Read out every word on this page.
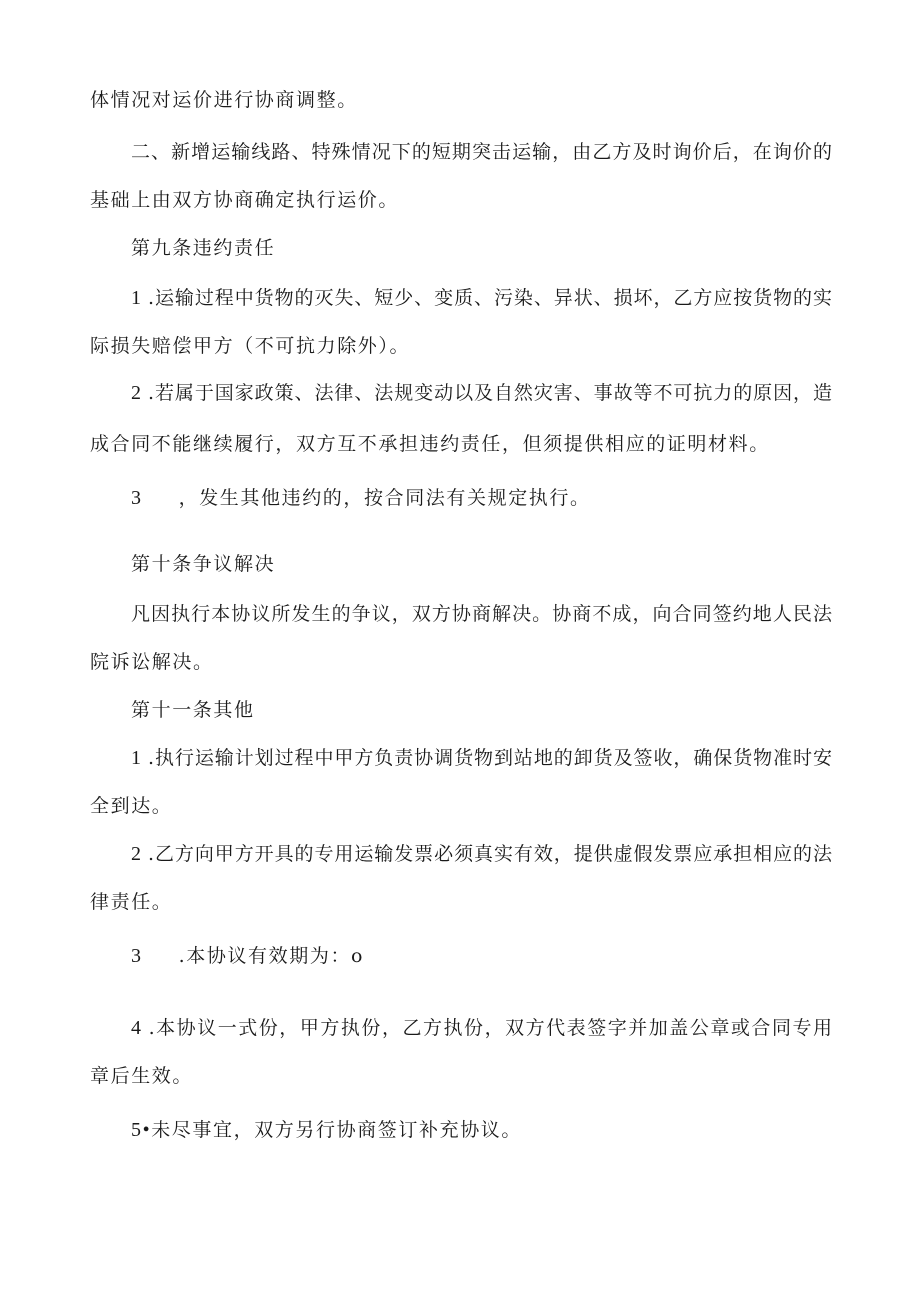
体情况对运价进行协商调整。
二、新增运输线路、特殊情况下的短期突击运输，由乙方及时询价后，在询价的
基础上由双方协商确定执行运价。
第九条违约责任
1 .运输过程中货物的灭失、短少、变质、污染、异状、损坏，乙方应按货物的实
际损失赔偿甲方（不可抗力除外）。
2 .若属于国家政策、法律、法规变动以及自然灾害、事故等不可抗力的原因，造
成合同不能继续履行，双方互不承担违约责任，但须提供相应的证明材料。
3 ，发生其他违约的，按合同法有关规定执行。
第十条争议解决
凡因执行本协议所发生的争议，双方协商解决。协商不成，向合同签约地人民法
院诉讼解决。
第十一条其他
1 .执行运输计划过程中甲方负责协调货物到站地的卸货及签收，确保货物准时安
全到达。
2 .乙方向甲方开具的专用运输发票必须真实有效，提供虚假发票应承担相应的法
律责任。
3 .本协议有效期为：o
4 .本协议一式份，甲方执份，乙方执份，双方代表签字并加盖公章或合同专用
章后生效。
5•未尽事宜，双方另行协商签订补充协议。
